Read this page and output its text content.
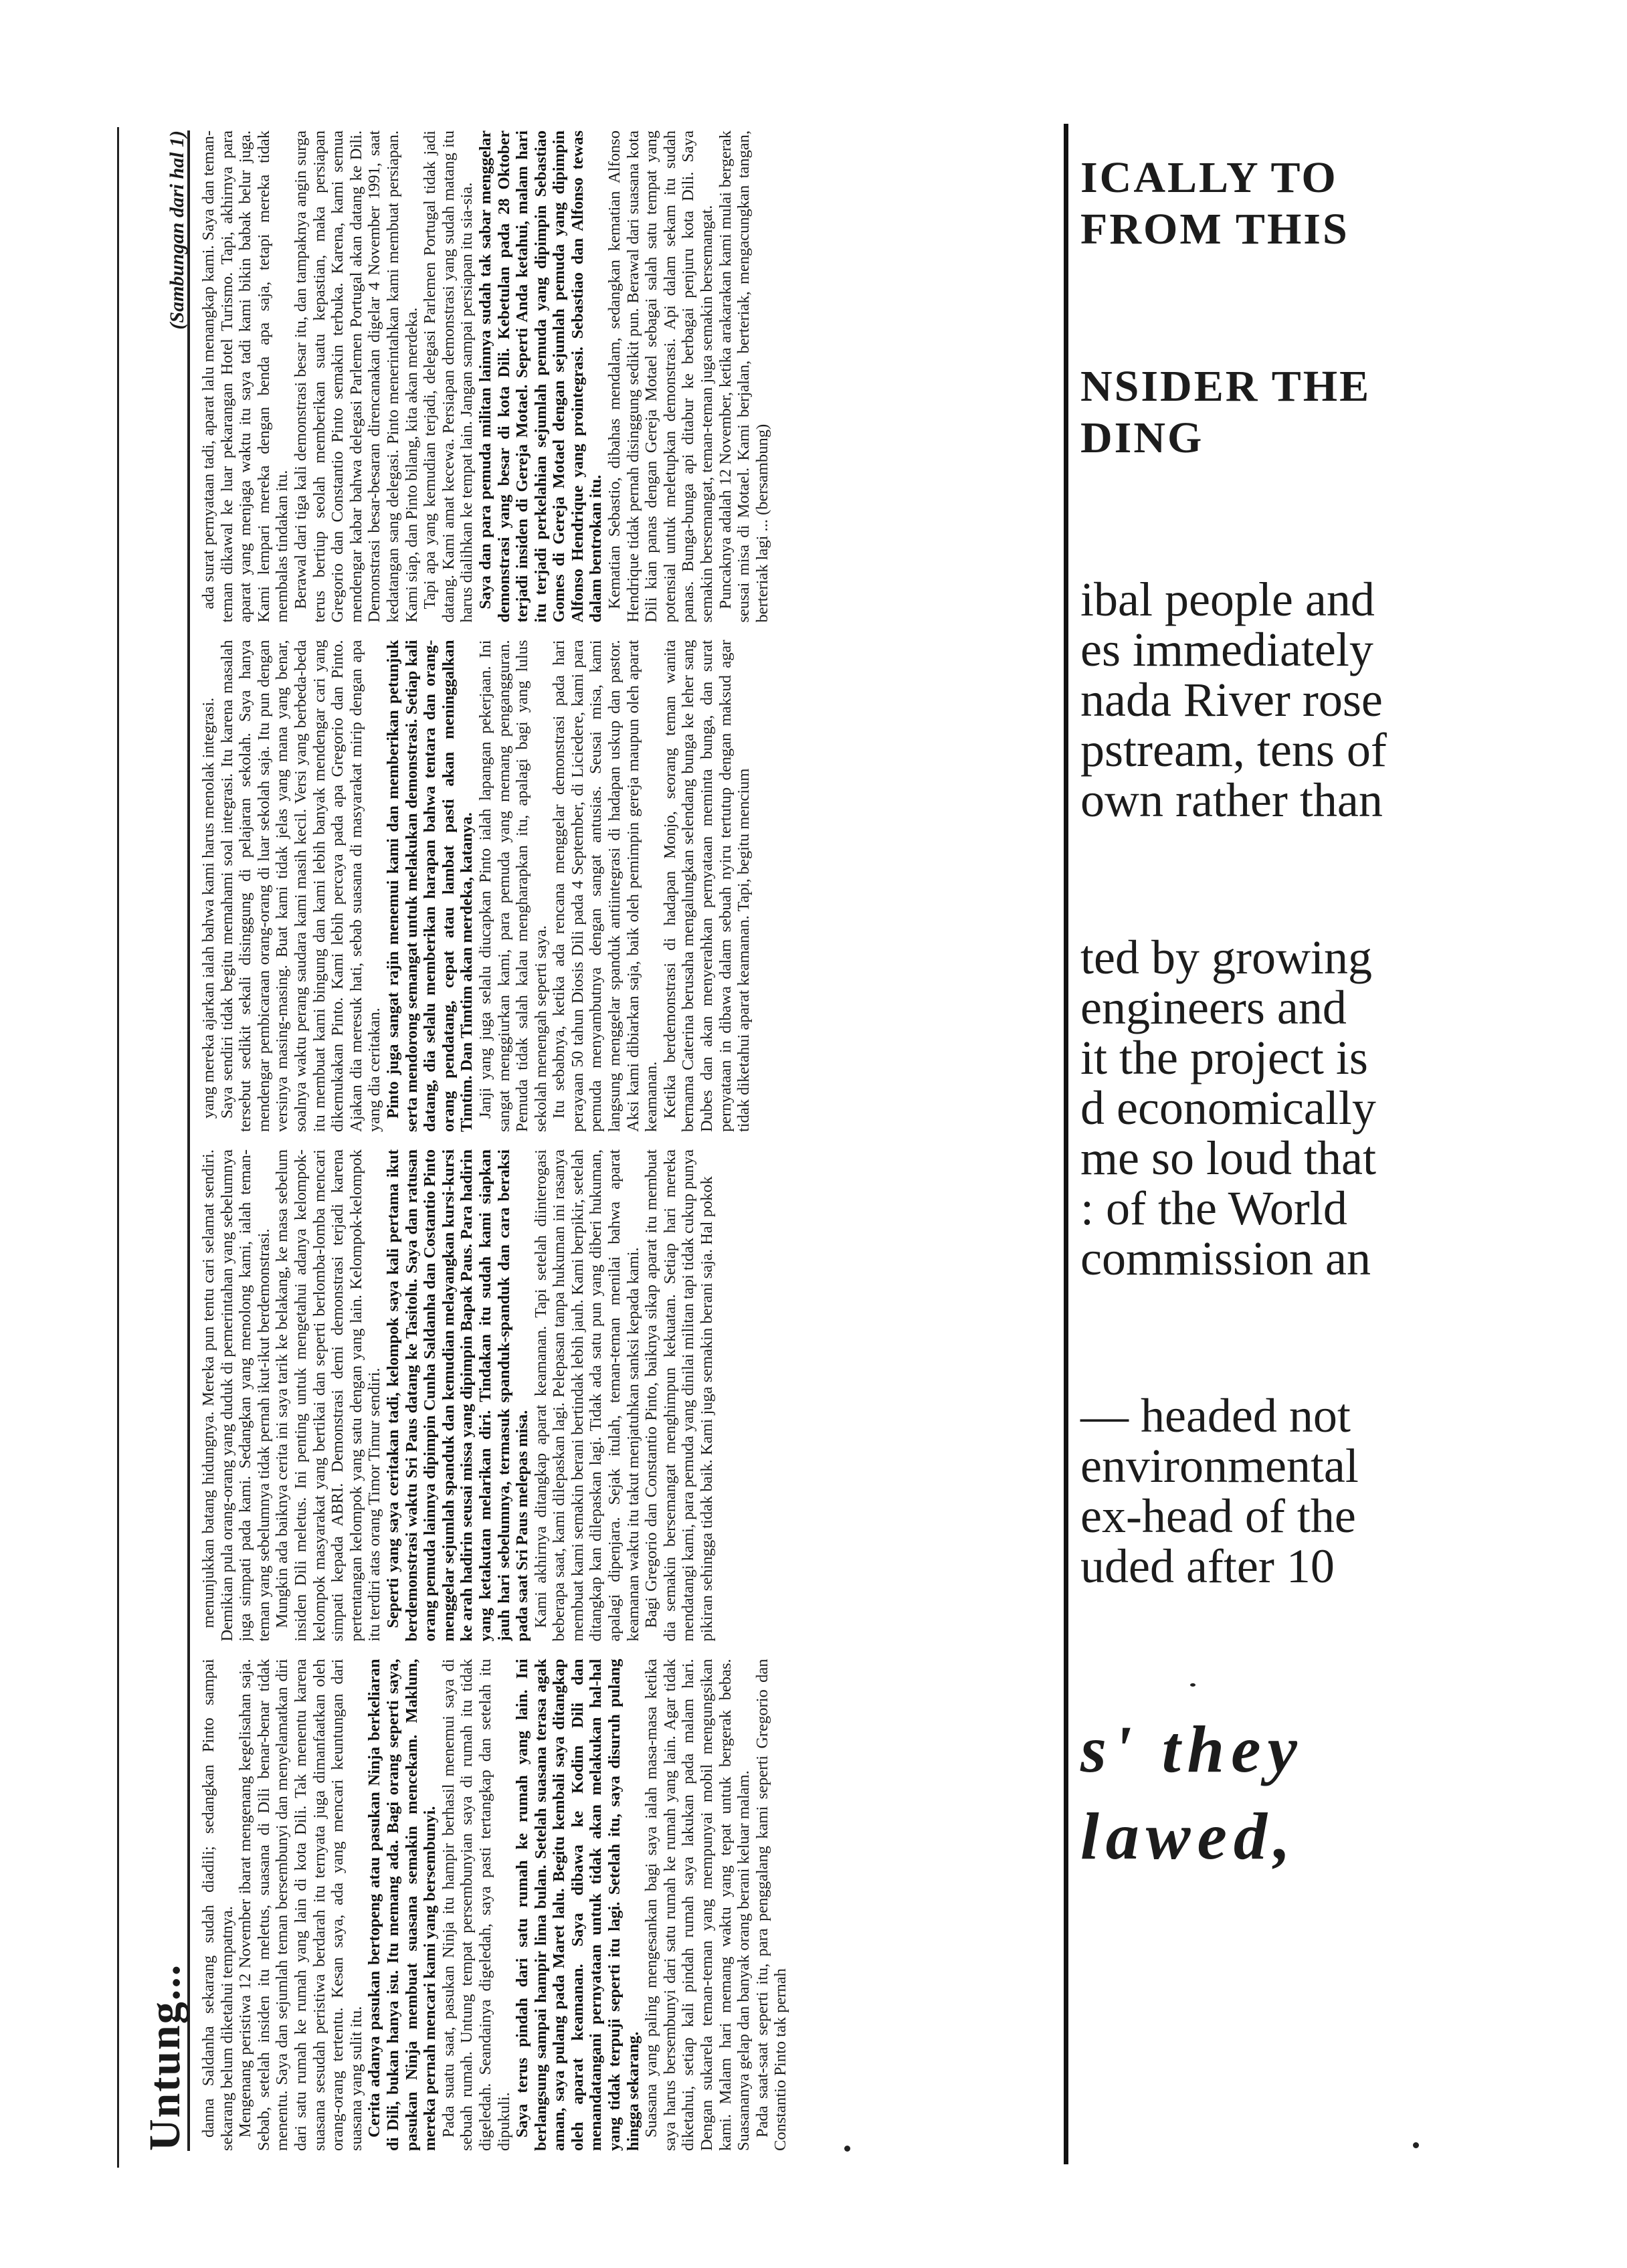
Untung...
(Sambungan dari hal 1)

danna Saldanha sekarang sudah diadili; sedangkan Pinto sampai sekarang belum diketahui tempatnya. Mengenang peristiwa 12 November ibarat mengenang kegelisahan saja. Sebab, setelah insiden itu meletus, suasana di Dili benar-benar tidak menentu. Saya dan sejumlah teman bersembunyi dan menyelamatkan diri dari satu rumah ke rumah yang lain di kota Dili. Tak menentu karena suasana sesudah peristiwa berdarah itu ternyata juga dimanfaatkan oleh orang-orang tertentu. Kesan saya, ada yang mencari keuntungan dari suasana yang sulit itu. Cerita adanya pasukan bertopeng atau pasukan Ninja berkeliaran di Dili, bukan hanya isu. Itu memang ada. Bagi orang seperti saya, pasukan Ninja membuat suasana semakin mencekam. Maklum, mereka pernah mencari kami yang bersembunyi. Pada suatu saat, pasukan Ninja itu hampir berhasil menemui saya di sebuah rumah. Untung tempat persembunyian saya di rumah itu tidak digeledah. Seandainya digeledah, saya pasti tertangkap dan setelah itu dipukuli. Saya terus pindah dari satu rumah ke rumah yang lain. Ini berlangsung sampai hampir lima bulan. Setelah suasana terasa agak aman, saya pulang pada Maret lalu. Begitu kembali saya ditangkap oleh aparat keamanan. Saya dibawa ke Kodim Dili dan menandatangani pernyataan untuk tidak akan melakukan hal-hal yang tidak terpuji seperti itu lagi. Setelah itu, saya disuruh pulang hingga sekarang. Suasana yang paling mengesankan bagi saya ialah masa-masa ketika saya harus bersembunyi dari satu rumah ke rumah yang lain. Agar tidak diketahui, setiap kali pindah rumah saya lakukan pada malam hari. Dengan sukarela teman-teman yang mempunyai mobil mengungsikan kami. Malam hari memang waktu yang tepat untuk bergerak bebas. Suasananya gelap dan banyak orang berani keluar malam. Pada saat-saat seperti itu, para penggalang kami seperti Gregorio dan Constantio Pinto tak pernah

menunjukkan batang hidungnya. Mereka pun tentu cari selamat sendiri. Demikian pula orang-orang yang duduk di pemerintahan yang sebelumnya juga simpati pada kami. Sedangkan yang menolong kami, ialah teman-teman yang sebelumnya tidak pernah ikut-ikut berdemonstrasi. Mungkin ada baiknya cerita ini saya tarik ke belakang, ke masa sebelum insiden Dili meletus. Ini penting untuk mengetahui adanya kelompok-kelompok masyarakat yang bertikai dan seperti berlomba-lomba mencari simpati kepada ABRI. Demonstrasi demi demonstrasi terjadi karena pertentangan kelompok yang satu dengan yang lain. Kelompok-kelompok itu terdiri atas orang Timor Timur sendiri. Seperti yang saya ceritakan tadi, kelompok saya kali pertama ikut berdemonstrasi waktu Sri Paus datang ke Tasitolu. Saya dan ratusan orang pemuda lainnya dipimpin Cunha Saldanha dan Costantio Pinto menggelar sejumlah spanduk dan kemudian melayangkan kursi-kursi ke arah hadirin seusai missa yang dipimpin Bapak Paus. Para hadirin yang ketakutan melarikan diri. Tindakan itu sudah kami siapkan jauh hari sebelumnya, termasuk spanduk-spanduk dan cara beraksi pada saat Sri Paus melepas misa. Kami akhirnya ditangkap aparat keamanan. Tapi setelah diinterogasi beberapa saat, kami dilepaskan lagi. Pelepasan tanpa hukuman ini rasanya membuat kami semakin berani bertindak lebih jauh. Kami berpikir, setelah ditangkap kan dilepaskan lagi. Tidak ada satu pun yang diberi hukuman, apalagi dipenjara. Sejak itulah, teman-teman menilai bahwa aparat keamanan waktu itu takut menjatuhkan sanksi kepada kami. Bagi Gregorio dan Constantio Pinto, baiknya sikap aparat itu membuat dia semakin bersemangat menghimpun kekuatan. Setiap hari mereka mendatangi kami, para pemuda yang dinilai militan tapi tidak cukup punya pikiran sehingga tidak baik. Kami juga semakin berani saja. Hal pokok

yang mereka ajarkan ialah bahwa kami harus menolak integrasi. Saya sendiri tidak begitu memahami soal integrasi. Itu karena masalah tersebut sedikit sekali disinggung di pelajaran sekolah. Saya hanya mendengar pembicaraan orang-orang di luar sekolah saja. Itu pun dengan versinya masing-masing. Buat kami tidak jelas yang mana yang benar, soalnya waktu perang saudara kami masih kecil. Versi yang berbeda-beda itu membuat kami bingung dan kami lebih banyak mendengar cari yang dikemukakan Pinto. Kami lebih percaya pada apa Gregorio dan Pinto. Ajakan dia meresuk hati, sebab suasana di masyarakat mirip dengan apa yang dia ceritakan. Pinto juga sangat rajin menemui kami dan memberikan petunjuk serta mendorong semangat untuk melakukan demonstrasi. Setiap kali datang, dia selalu memberikan harapan bahwa tentara dan orang-orang pendatang, cepat atau lambat pasti akan meninggalkan Timtim. Dan Timtim akan merdeka, katanya. Janji yang juga selalu diucapkan Pinto ialah lapangan pekerjaan. Ini sangat menggiurkan kami, para pemuda yang memang pengangguran. Pemuda tidak salah kalau mengharapkan itu, apalagi bagi yang lulus sekolah menengah seperti saya. Itu sebabnya, ketika ada rencana menggelar demonstrasi pada hari perayaan 50 tahun Diosis Dili pada 4 September, di Liciedere, kami para pemuda menyambutnya dengan sangat antusias. Seusai misa, kami langsung menggelar spanduk antiintegrasi di hadapan uskup dan pastor. Aksi kami dibiarkan saja, baik oleh pemimpin gereja maupun oleh aparat keamanan. Ketika berdemonstrasi di hadapan Monjo, seorang teman wanita bernama Caterina berusaha mengalungkan selendang bunga ke leher sang Dubes dan akan menyerahkan pernyataan meminta bunga, dan surat pernyataan in dibawa dalam sebuah nyiru tertutup dengan maksud agar tidak diketahui aparat keamanan. Tapi, begitu mencium

ada surat pernyataan tadi, aparat lalu menangkap kami. Saya dan teman-teman dikawal ke luar pekarangan Hotel Turismo. Tapi, akhirnya para aparat yang menjaga waktu itu saya tadi kami bikin babak belur juga. Kami lempari mereka dengan benda apa saja, tetapi mereka tidak membalas tindakan itu. Berawal dari tiga kali demonstrasi besar itu, dan tampaknya angin surga terus bertiup seolah memberikan suatu kepastian, maka persiapan Gregorio dan Constantio Pinto semakin terbuka. Karena, kami semua mendengar kabar bahwa delegasi Parlemen Portugal akan datang ke Dili. Demonstrasi besar-besaran direncanakan digelar 4 November 1991, saat kedatangan sang delegasi. Pinto menerintahkan kami membuat persiapan. Kami siap, dan Pinto bilang, kita akan merdeka. Tapi apa yang kemudian terjadi, delegasi Parlemen Portugal tidak jadi datang. Kami amat kecewa. Persiapan demonstrasi yang sudah matang itu harus dialihkan ke tempat lain. Jangan sampai persiapan itu sia-sia. Saya dan para pemuda militan lainnya sudah tak sabar menggelar demonstrasi yang besar di kota Dili. Kebetulan pada 28 Oktober terjadi insiden di Gereja Motael. Seperti Anda ketahui, malam hari itu terjadi perkelahian sejumlah pemuda yang dipimpin Sebastiao Gomes di Gereja Motael dengan sejumlah pemuda yang dipimpin Alfonso Hendrique yang prointegrasi. Sebastiao dan Alfonso tewas dalam bentrokan itu. Kematian Sebastio, dibahas mendalam, sedangkan kematian Alfonso Hendrique tidak pernah disinggung sedikit pun. Berawal dari suasana kota Dili kian panas dengan Gereja Motael sebagai salah satu tempat yang potensial untuk meletupkan demonstrasi. Api dalam sekam itu sudah panas. Bunga-bunga api ditabur ke berbagai penjuru kota Dili. Saya semakin bersemangat, teman-teman juga semakin bersemangat. Puncaknya adalah 12 November, ketika arakarakan kami mulai bergerak seusai misa di Motael. Kami berjalan, berteriak, mengacungkan tangan, berteriak lagi ... (bersambung)

ICALLY TO
FROM THIS
NSIDER THE
DING
ibal people and
es immediately
nada River rose
pstream, tens of
own rather than
ted by growing
engineers and
it the project is
d economically
me so loud that
: of the World
commission an
— headed not
environmental
ex-head of the
uded after 10
s' they
lawed,
